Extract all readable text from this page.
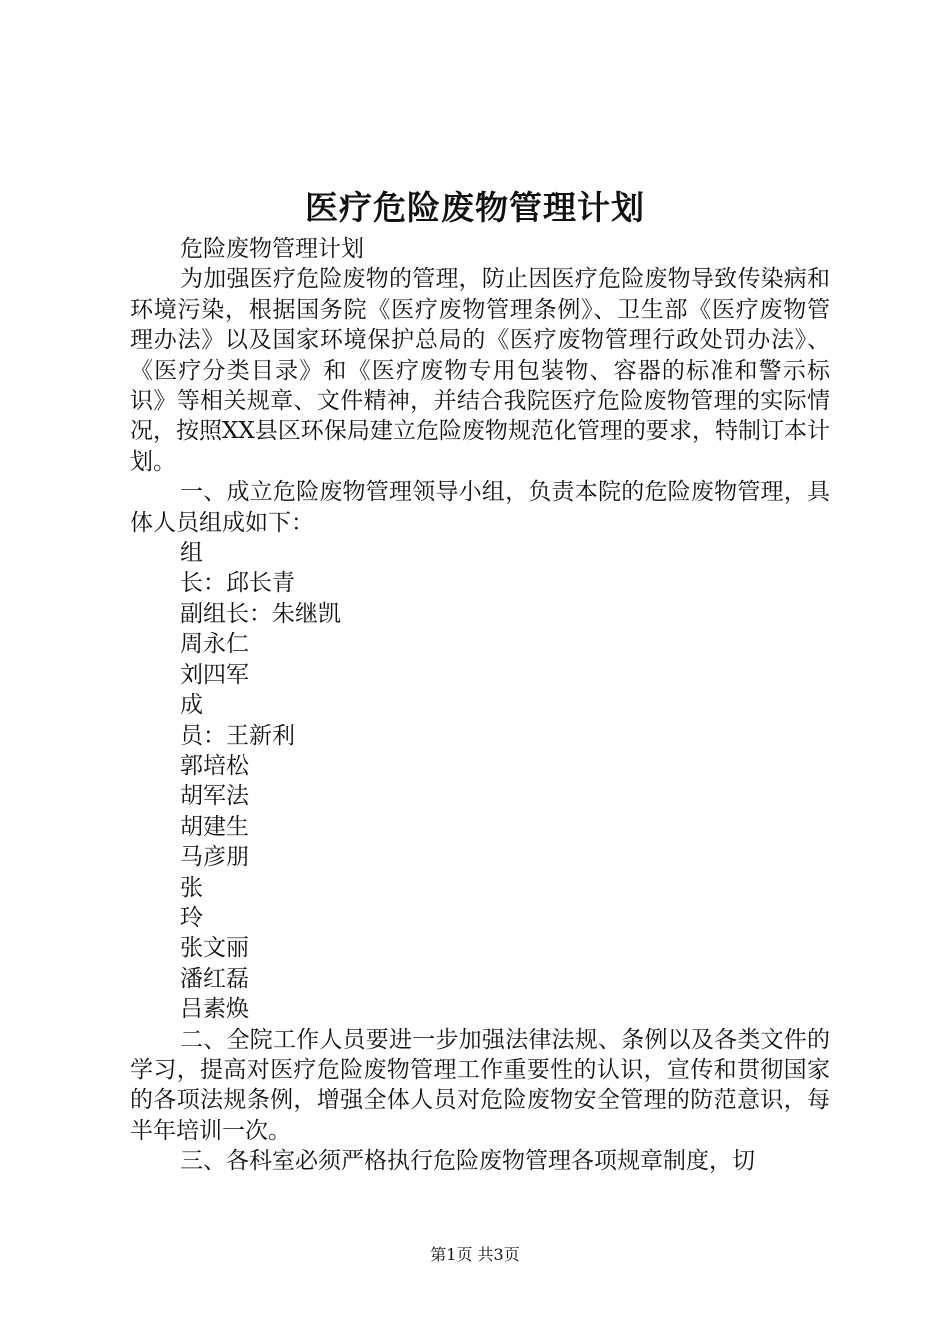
医疗危险废物管理计划

危险废物管理计划

为加强医疗危险废物的管理，防止因医疗危险废物导致传染病和环境污染，根据国务院《医疗废物管理条例》、卫生部《医疗废物管理办法》以及国家环境保护总局的《医疗废物管理行政处罚办法》、《医疗分类目录》和《医疗废物专用包装物、容器的标准和警示标识》等相关规章、文件精神，并结合我院医疗危险废物管理的实际情况，按照XX县区环保局建立危险废物规范化管理的要求，特制订本计划。

一、成立危险废物管理领导小组，负责本院的危险废物管理，具体人员组成如下：

组

长：邱长青

副组长：朱继凯

周永仁

刘四军

成

员：王新利

郭培松

胡军法

胡建生

马彦朋

张

玲

张文丽

潘红磊

吕素焕

二、全院工作人员要进一步加强法律法规、条例以及各类文件的学习，提高对医疗危险废物管理工作重要性的认识，宣传和贯彻国家的各项法规条例，增强全体人员对危险废物安全管理的防范意识，每半年培训一次。

三、各科室必须严格执行危险废物管理各项规章制度，切

第1页 共3页
